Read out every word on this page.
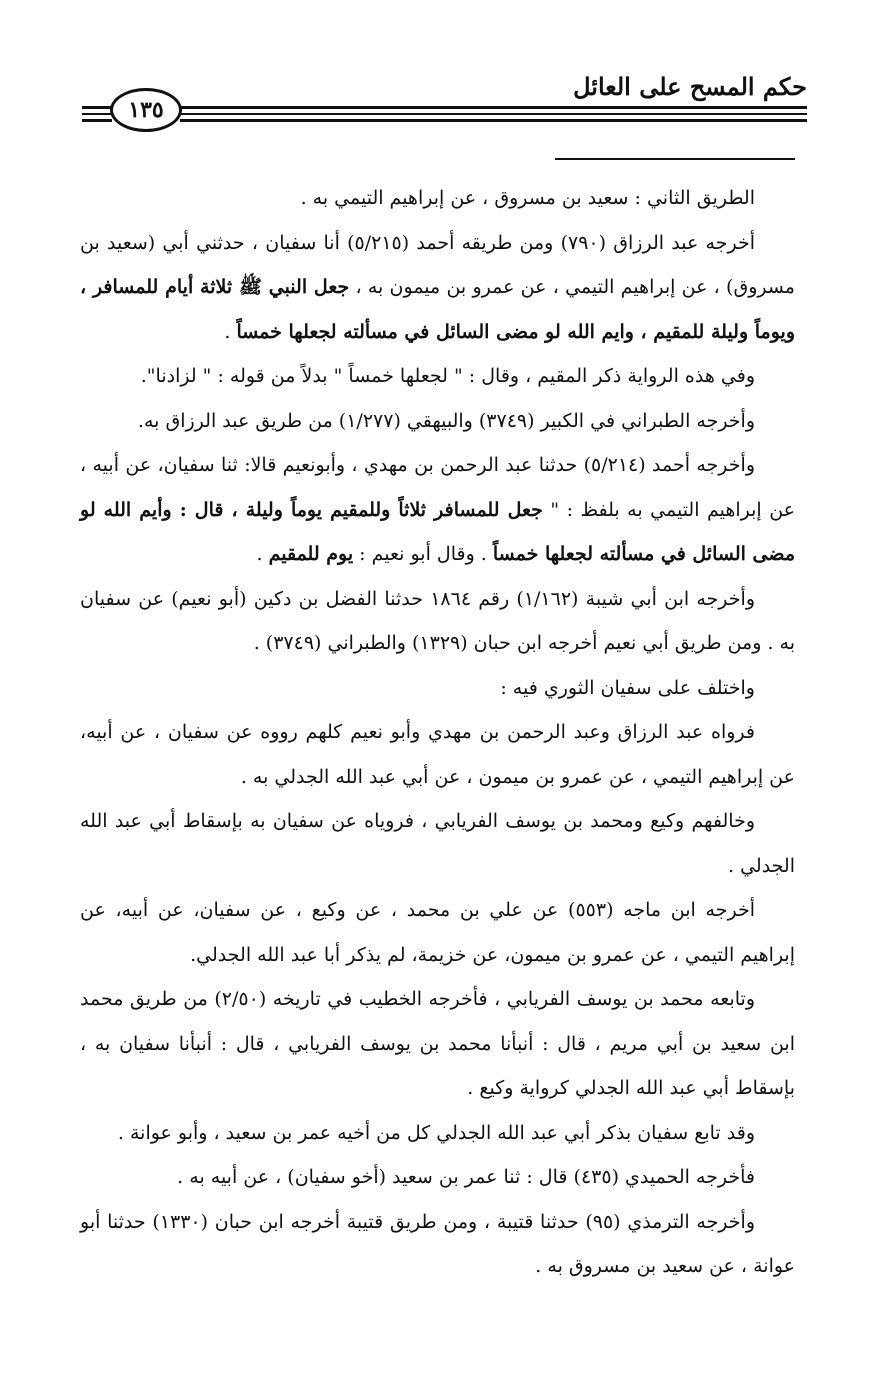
حكم المسح على العائل
١٣٥

الطريق الثاني : سعيد بن مسروق ، عن إبراهيم التيمي به .

أخرجه عبد الرزاق (٧٩٠) ومن طريقه أحمد (٥/٢١٥) أنا سفيان ، حدثني أبي (سعيد بن مسروق) ، عن إبراهيم التيمي ، عن عمرو بن ميمون به ، جعل النبي ﷺ ثلاثة أيام للمسافر ، ويوماً وليلة للمقيم ، وايم الله لو مضى السائل في مسألته لجعلها خمساً .

وفي هذه الرواية ذكر المقيم ، وقال : " لجعلها خمساً " بدلاً من قوله : " لزادنا".

وأخرجه الطبراني في الكبير (٣٧٤٩) والبيهقي (١/٢٧٧) من طريق عبد الرزاق به.

وأخرجه أحمد (٥/٢١٤) حدثنا عبد الرحمن بن مهدي ، وأبونعيم قالا: ثنا سفيان، عن أبيه ، عن إبراهيم التيمي به بلفظ : " جعل للمسافر ثلاثاً وللمقيم يوماً وليلة ، قال : وأيم الله لو مضى السائل في مسألته لجعلها خمساً . وقال أبو نعيم : يوم للمقيم .

وأخرجه ابن أبي شيبة (١/١٦٢) رقم ١٨٦٤ حدثنا الفضل بن دكين (أبو نعيم) عن سفيان به . ومن طريق أبي نعيم أخرجه ابن حبان (١٣٢٩) والطبراني (٣٧٤٩) .

واختلف على سفيان الثوري فيه :

فرواه عبد الرزاق وعبد الرحمن بن مهدي وأبو نعيم كلهم رووه عن سفيان ، عن أبيه، عن إبراهيم التيمي ، عن عمرو بن ميمون ، عن أبي عبد الله الجدلي به .

وخالفهم وكيع ومحمد بن يوسف الفريابي ، فروياه عن سفيان به بإسقاط أبي عبد الله الجدلي .

أخرجه ابن ماجه (٥٥٣) عن علي بن محمد ، عن وكيع ، عن سفيان، عن أبيه، عن إبراهيم التيمي ، عن عمرو بن ميمون، عن خزيمة، لم يذكر أبا عبد الله الجدلي.

وتابعه محمد بن يوسف الفريابي ، فأخرجه الخطيب في تاريخه (٢/٥٠) من طريق محمد ابن سعيد بن أبي مريم ، قال : أنبأنا محمد بن يوسف الفريابي ، قال : أنبأنا سفيان به ، بإسقاط أبي عبد الله الجدلي كرواية وكيع .

وقد تابع سفيان بذكر أبي عبد الله الجدلي كل من أخيه عمر بن سعيد ، وأبو عوانة .

فأخرجه الحميدي (٤٣٥) قال : ثنا عمر بن سعيد (أخو سفيان) ، عن أبيه به .

وأخرجه الترمذي (٩٥) حدثنا قتيبة ، ومن طريق قتيبة أخرجه ابن حبان (١٣٣٠) حدثنا أبو عوانة ، عن سعيد بن مسروق به .
